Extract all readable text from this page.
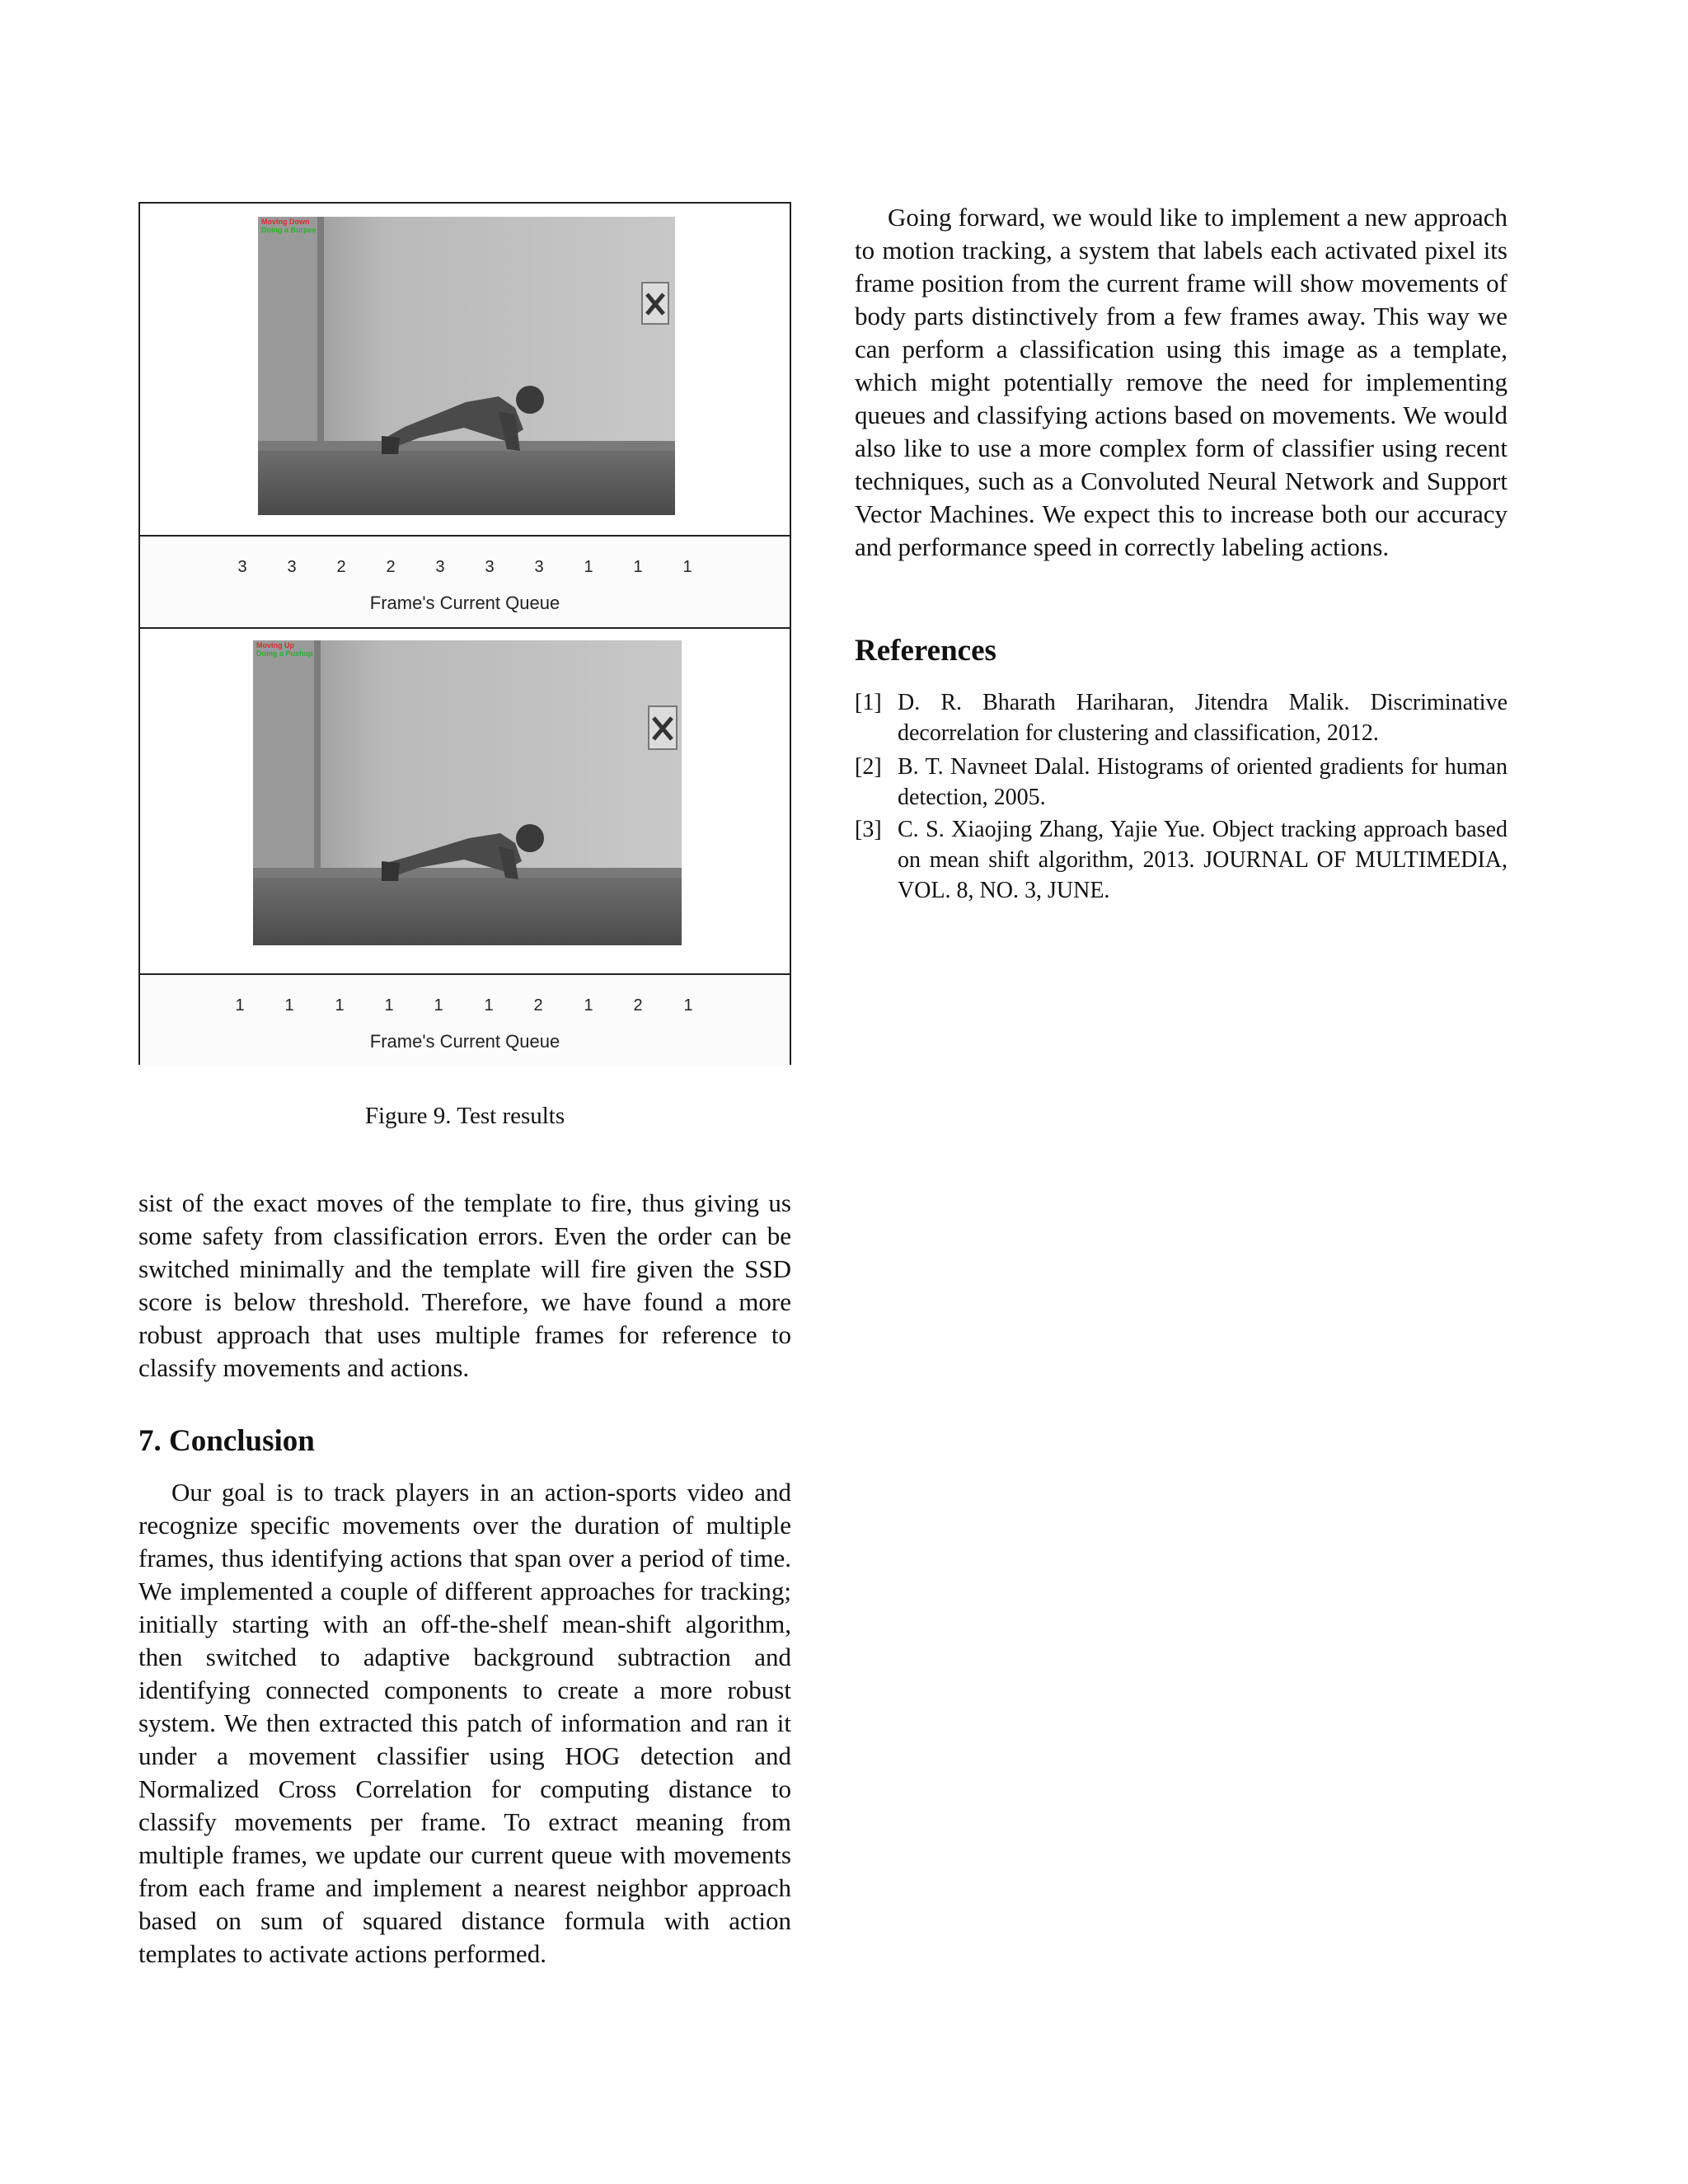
Moving Down
Doing a Burpee
3	3	2	2	3	3	3	1	1	1
Frame's Current Queue
Moving Up
Doing a Pushup
1	1	1	1	1	1	2	1	2	1
Frame's Current Queue
Figure 9. Test results

sist of the exact moves of the template to fire, thus giving us some safety from classification errors. Even the order can be switched minimally and the template will fire given the SSD score is below threshold. Therefore, we have found a more robust approach that uses multiple frames for reference to classify movements and actions.

7. Conclusion

Our goal is to track players in an action-sports video and recognize specific movements over the duration of multiple frames, thus identifying actions that span over a period of time. We implemented a couple of different approaches for tracking; initially starting with an off-the-shelf mean-shift algorithm, then switched to adaptive background subtraction and identifying connected components to create a more robust system. We then extracted this patch of information and ran it under a movement classifier using HOG detection and Normalized Cross Correlation for computing distance to classify movements per frame. To extract meaning from multiple frames, we update our current queue with movements from each frame and implement a nearest neighbor approach based on sum of squared distance formula with action templates to activate actions performed.

Going forward, we would like to implement a new approach to motion tracking, a system that labels each activated pixel its frame position from the current frame will show movements of body parts distinctively from a few frames away. This way we can perform a classification using this image as a template, which might potentially remove the need for implementing queues and classifying actions based on movements. We would also like to use a more complex form of classifier using recent techniques, such as a Convoluted Neural Network and Support Vector Machines. We expect this to increase both our accuracy and performance speed in correctly labeling actions.

References
[1] D. R. Bharath Hariharan, Jitendra Malik. Discriminative decorrelation for clustering and classification, 2012.
[2] B. T. Navneet Dalal. Histograms of oriented gradients for human detection, 2005.
[3] C. S. Xiaojing Zhang, Yajie Yue. Object tracking approach based on mean shift algorithm, 2013. JOURNAL OF MULTIMEDIA, VOL. 8, NO. 3, JUNE.
